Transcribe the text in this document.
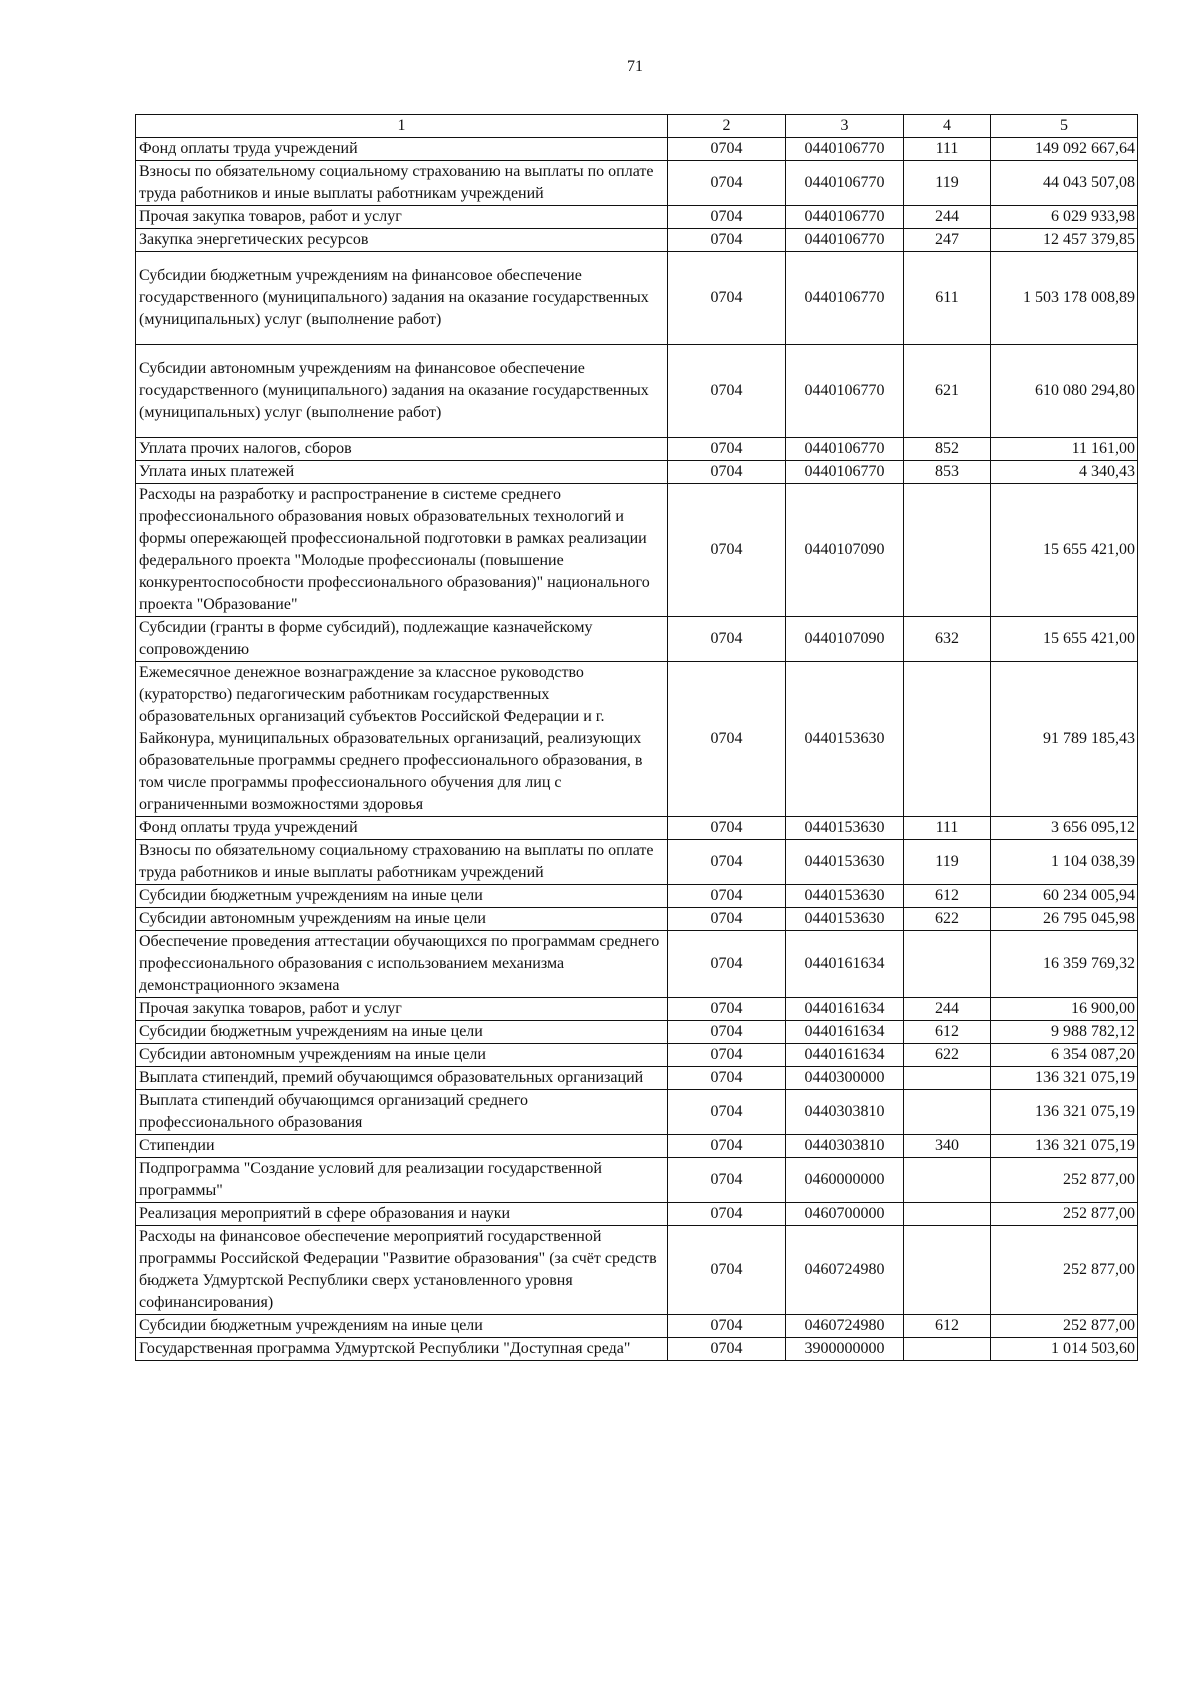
71
1	2	3	4	5
Фонд оплаты труда учреждений	0704	0440106770	111	149 092 667,64
Взносы по обязательному социальному страхованию на выплаты по оплате труда работников и иные выплаты работникам учреждений	0704	0440106770	119	44 043 507,08
Прочая закупка товаров, работ и услуг	0704	0440106770	244	6 029 933,98
Закупка энергетических ресурсов	0704	0440106770	247	12 457 379,85
Субсидии бюджетным учреждениям на финансовое обеспечение государственного (муниципального) задания на оказание государственных (муниципальных) услуг (выполнение работ)	0704	0440106770	611	1 503 178 008,89
Субсидии автономным учреждениям на финансовое обеспечение государственного (муниципального) задания на оказание государственных (муниципальных) услуг (выполнение работ)	0704	0440106770	621	610 080 294,80
Уплата прочих налогов, сборов	0704	0440106770	852	11 161,00
Уплата иных платежей	0704	0440106770	853	4 340,43
Расходы на разработку и распространение в системе среднего профессионального образования новых образовательных технологий и формы опережающей профессиональной подготовки в рамках реализации федерального проекта "Молодые профессионалы (повышение конкурентоспособности профессионального образования)" национального проекта "Образование"	0704	0440107090		15 655 421,00
Субсидии (гранты в форме субсидий), подлежащие казначейскому сопровождению	0704	0440107090	632	15 655 421,00
Ежемесячное денежное вознаграждение за классное руководство (кураторство) педагогическим работникам государственных образовательных организаций субъектов Российской Федерации и г. Байконура, муниципальных образовательных организаций, реализующих образовательные программы среднего профессионального образования, в том числе программы профессионального обучения для лиц с ограниченными возможностями здоровья	0704	0440153630		91 789 185,43
Фонд оплаты труда учреждений	0704	0440153630	111	3 656 095,12
Взносы по обязательному социальному страхованию на выплаты по оплате труда работников и иные выплаты работникам учреждений	0704	0440153630	119	1 104 038,39
Субсидии бюджетным учреждениям на иные цели	0704	0440153630	612	60 234 005,94
Субсидии автономным учреждениям на иные цели	0704	0440153630	622	26 795 045,98
Обеспечение проведения аттестации обучающихся по программам среднего профессионального образования с использованием механизма демонстрационного экзамена	0704	0440161634		16 359 769,32
Прочая закупка товаров, работ и услуг	0704	0440161634	244	16 900,00
Субсидии бюджетным учреждениям на иные цели	0704	0440161634	612	9 988 782,12
Субсидии автономным учреждениям на иные цели	0704	0440161634	622	6 354 087,20
Выплата стипендий, премий обучающимся образовательных организаций	0704	0440300000		136 321 075,19
Выплата стипендий обучающимся организаций среднего профессионального образования	0704	0440303810		136 321 075,19
Стипендии	0704	0440303810	340	136 321 075,19
Подпрограмма "Создание условий для реализации государственной программы"	0704	0460000000		252 877,00
Реализация мероприятий в сфере образования и науки	0704	0460700000		252 877,00
Расходы на финансовое обеспечение мероприятий государственной программы Российской Федерации "Развитие образования" (за счёт средств бюджета Удмуртской Республики сверх установленного уровня софинансирования)	0704	0460724980		252 877,00
Субсидии бюджетным учреждениям на иные цели	0704	0460724980	612	252 877,00
Государственная программа Удмуртской Республики "Доступная среда"	0704	3900000000		1 014 503,60
